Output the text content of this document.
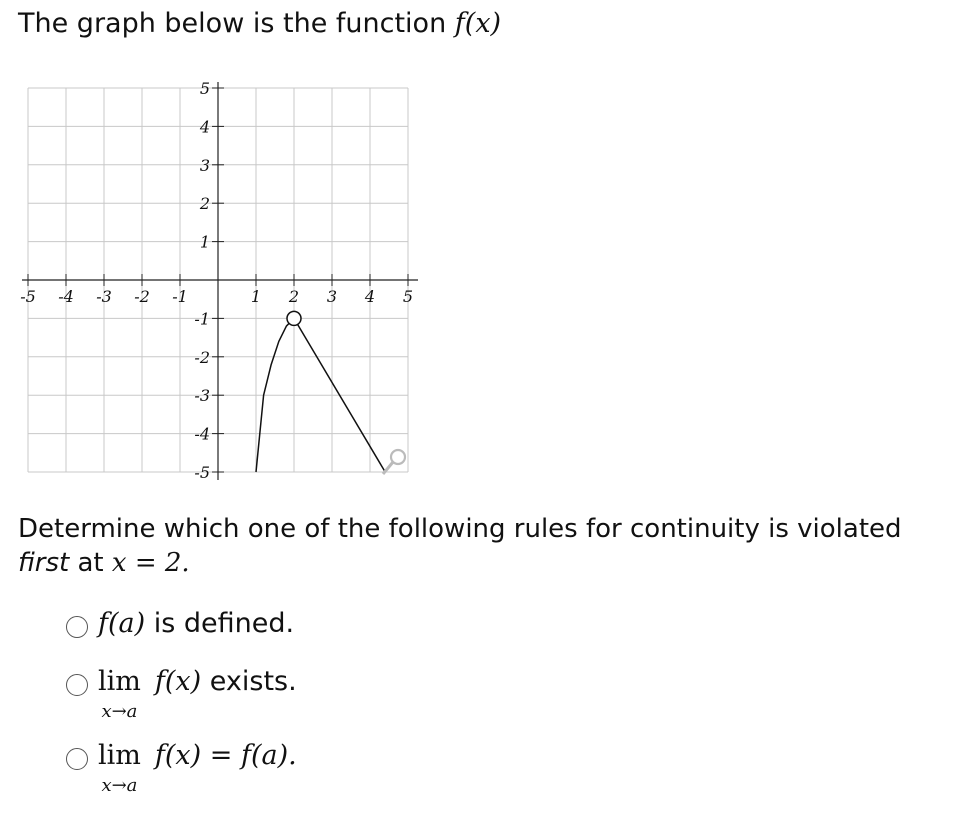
The graph below is the function f(x)
-5 -4 -3 -2 -1	1 2 3 4 5
5
4
3
2
1
-1
-2
-3
-4
-5
Determine which one of the following rules for continuity is violated
first at x = 2.
f(a) is defined.
lim
x→a
f(x) exists.
lim
x→a
f(x) = f(a).
